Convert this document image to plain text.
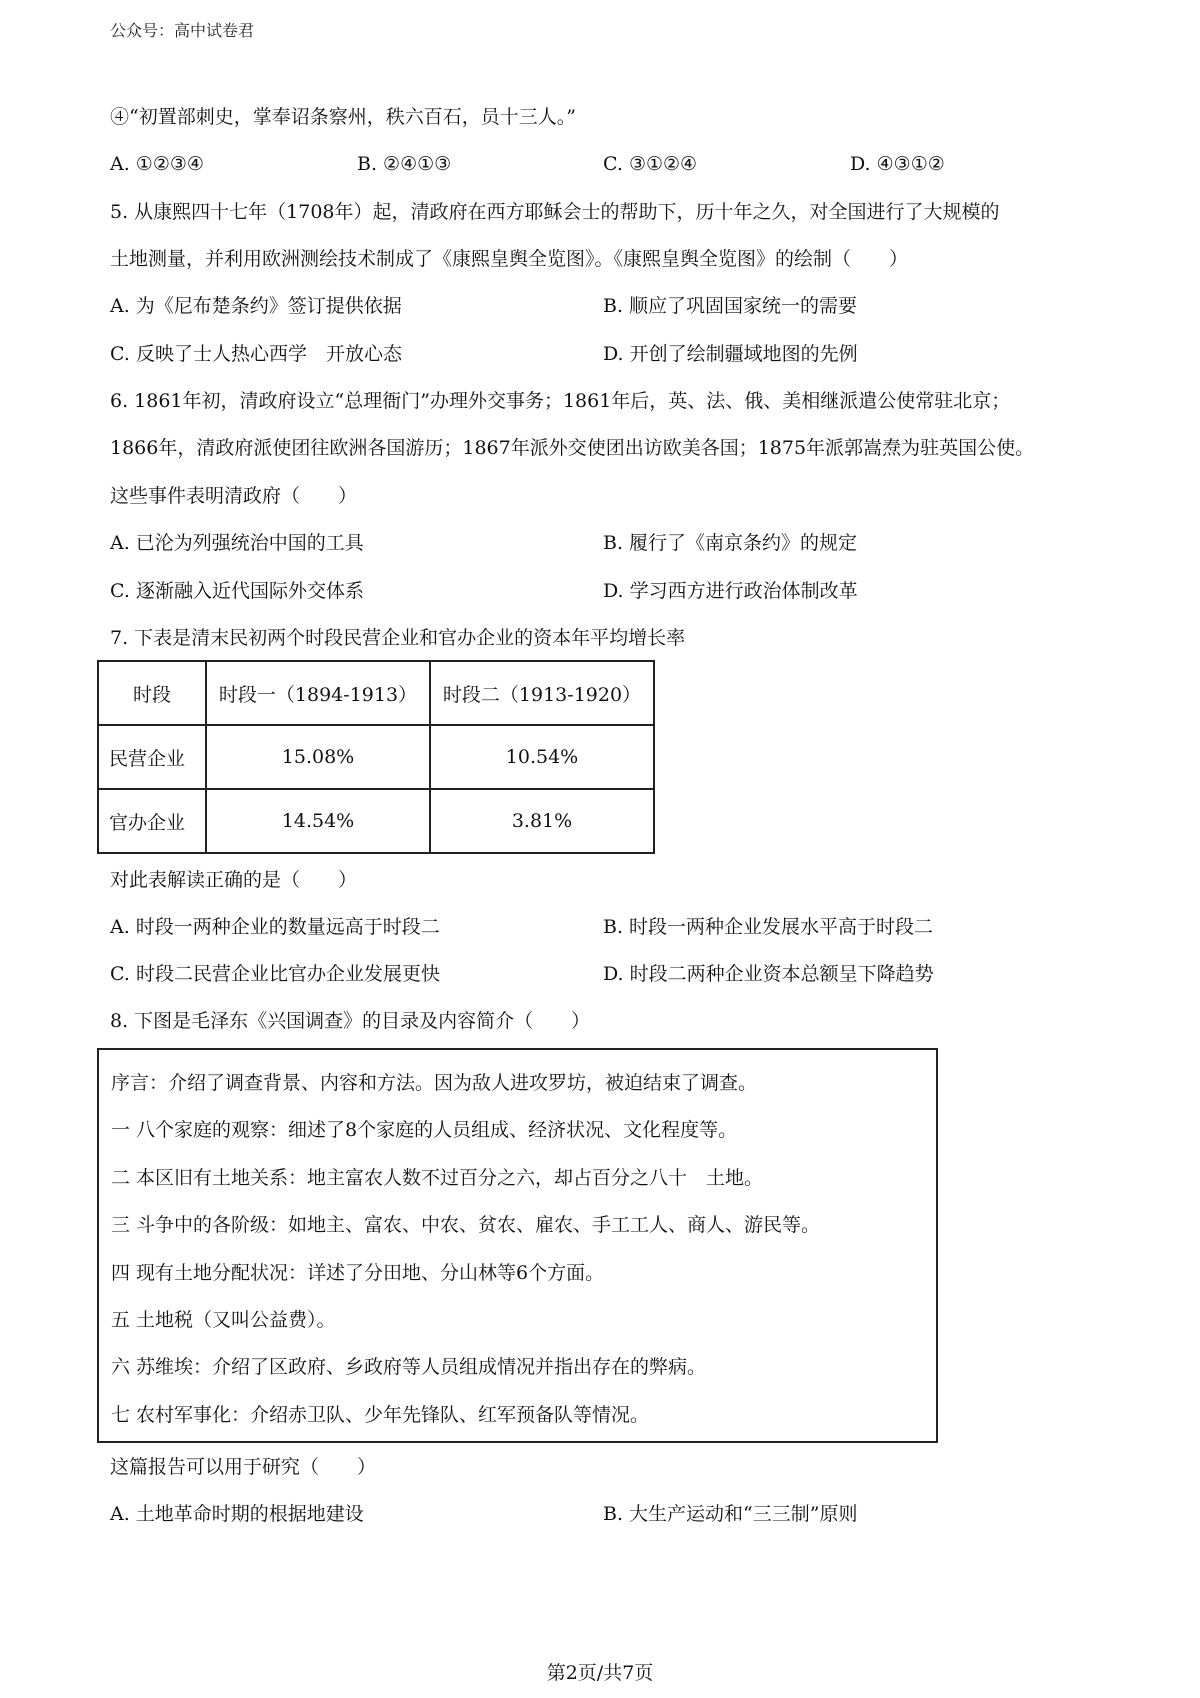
公众号：高中试卷君
④“初置部刺史，掌奉诏条察州，秩六百石，员十三人。”
A. ①②③④	B. ②④①③	C. ③①②④	D. ④③①②
5. 从康熙四十七年（1708年）起，清政府在西方耶稣会士的帮助下，历十年之久，对全国进行了大规模的
土地测量，并利用欧洲测绘技术制成了《康熙皇舆全览图》。《康熙皇舆全览图》的绘制（　　）
A. 为《尼布楚条约》签订提供依据	B. 顺应了巩固国家统一的需要
C. 反映了士人热心西学　开放心态	D. 开创了绘制疆域地图的先例
6. 1861年初，清政府设立“总理衙门”办理外交事务；1861年后，英、法、俄、美相继派遣公使常驻北京；
1866年，清政府派使团往欧洲各国游历；1867年派外交使团出访欧美各国；1875年派郭嵩焘为驻英国公使。
这些事件表明清政府（　　）
A. 已沦为列强统治中国的工具	B. 履行了《南京条约》的规定
C. 逐渐融入近代国际外交体系	D. 学习西方进行政治体制改革
7. 下表是清末民初两个时段民营企业和官办企业的资本年平均增长率
时段	时段一（1894-1913）	时段二（1913-1920）
民营企业	15.08%	10.54%
官办企业	14.54%	3.81%
对此表解读正确的是（　　）
A. 时段一两种企业的数量远高于时段二	B. 时段一两种企业发展水平高于时段二
C. 时段二民营企业比官办企业发展更快	D. 时段二两种企业资本总额呈下降趋势
8. 下图是毛泽东《兴国调查》的目录及内容简介（　　）
序言：介绍了调查背景、内容和方法。因为敌人进攻罗坊，被迫结束了调查。
一 八个家庭的观察：细述了8个家庭的人员组成、经济状况、文化程度等。
二 本区旧有土地关系：地主富农人数不过百分之六，却占百分之八十　土地。
三 斗争中的各阶级：如地主、富农、中农、贫农、雇农、手工工人、商人、游民等。
四 现有土地分配状况：详述了分田地、分山林等6个方面。
五 土地税（又叫公益费）。
六 苏维埃：介绍了区政府、乡政府等人员组成情况并指出存在的弊病。
七 农村军事化：介绍赤卫队、少年先锋队、红军预备队等情况。
这篇报告可以用于研究（　　）
A. 土地革命时期的根据地建设	B. 大生产运动和“三三制”原则
第2页/共7页
